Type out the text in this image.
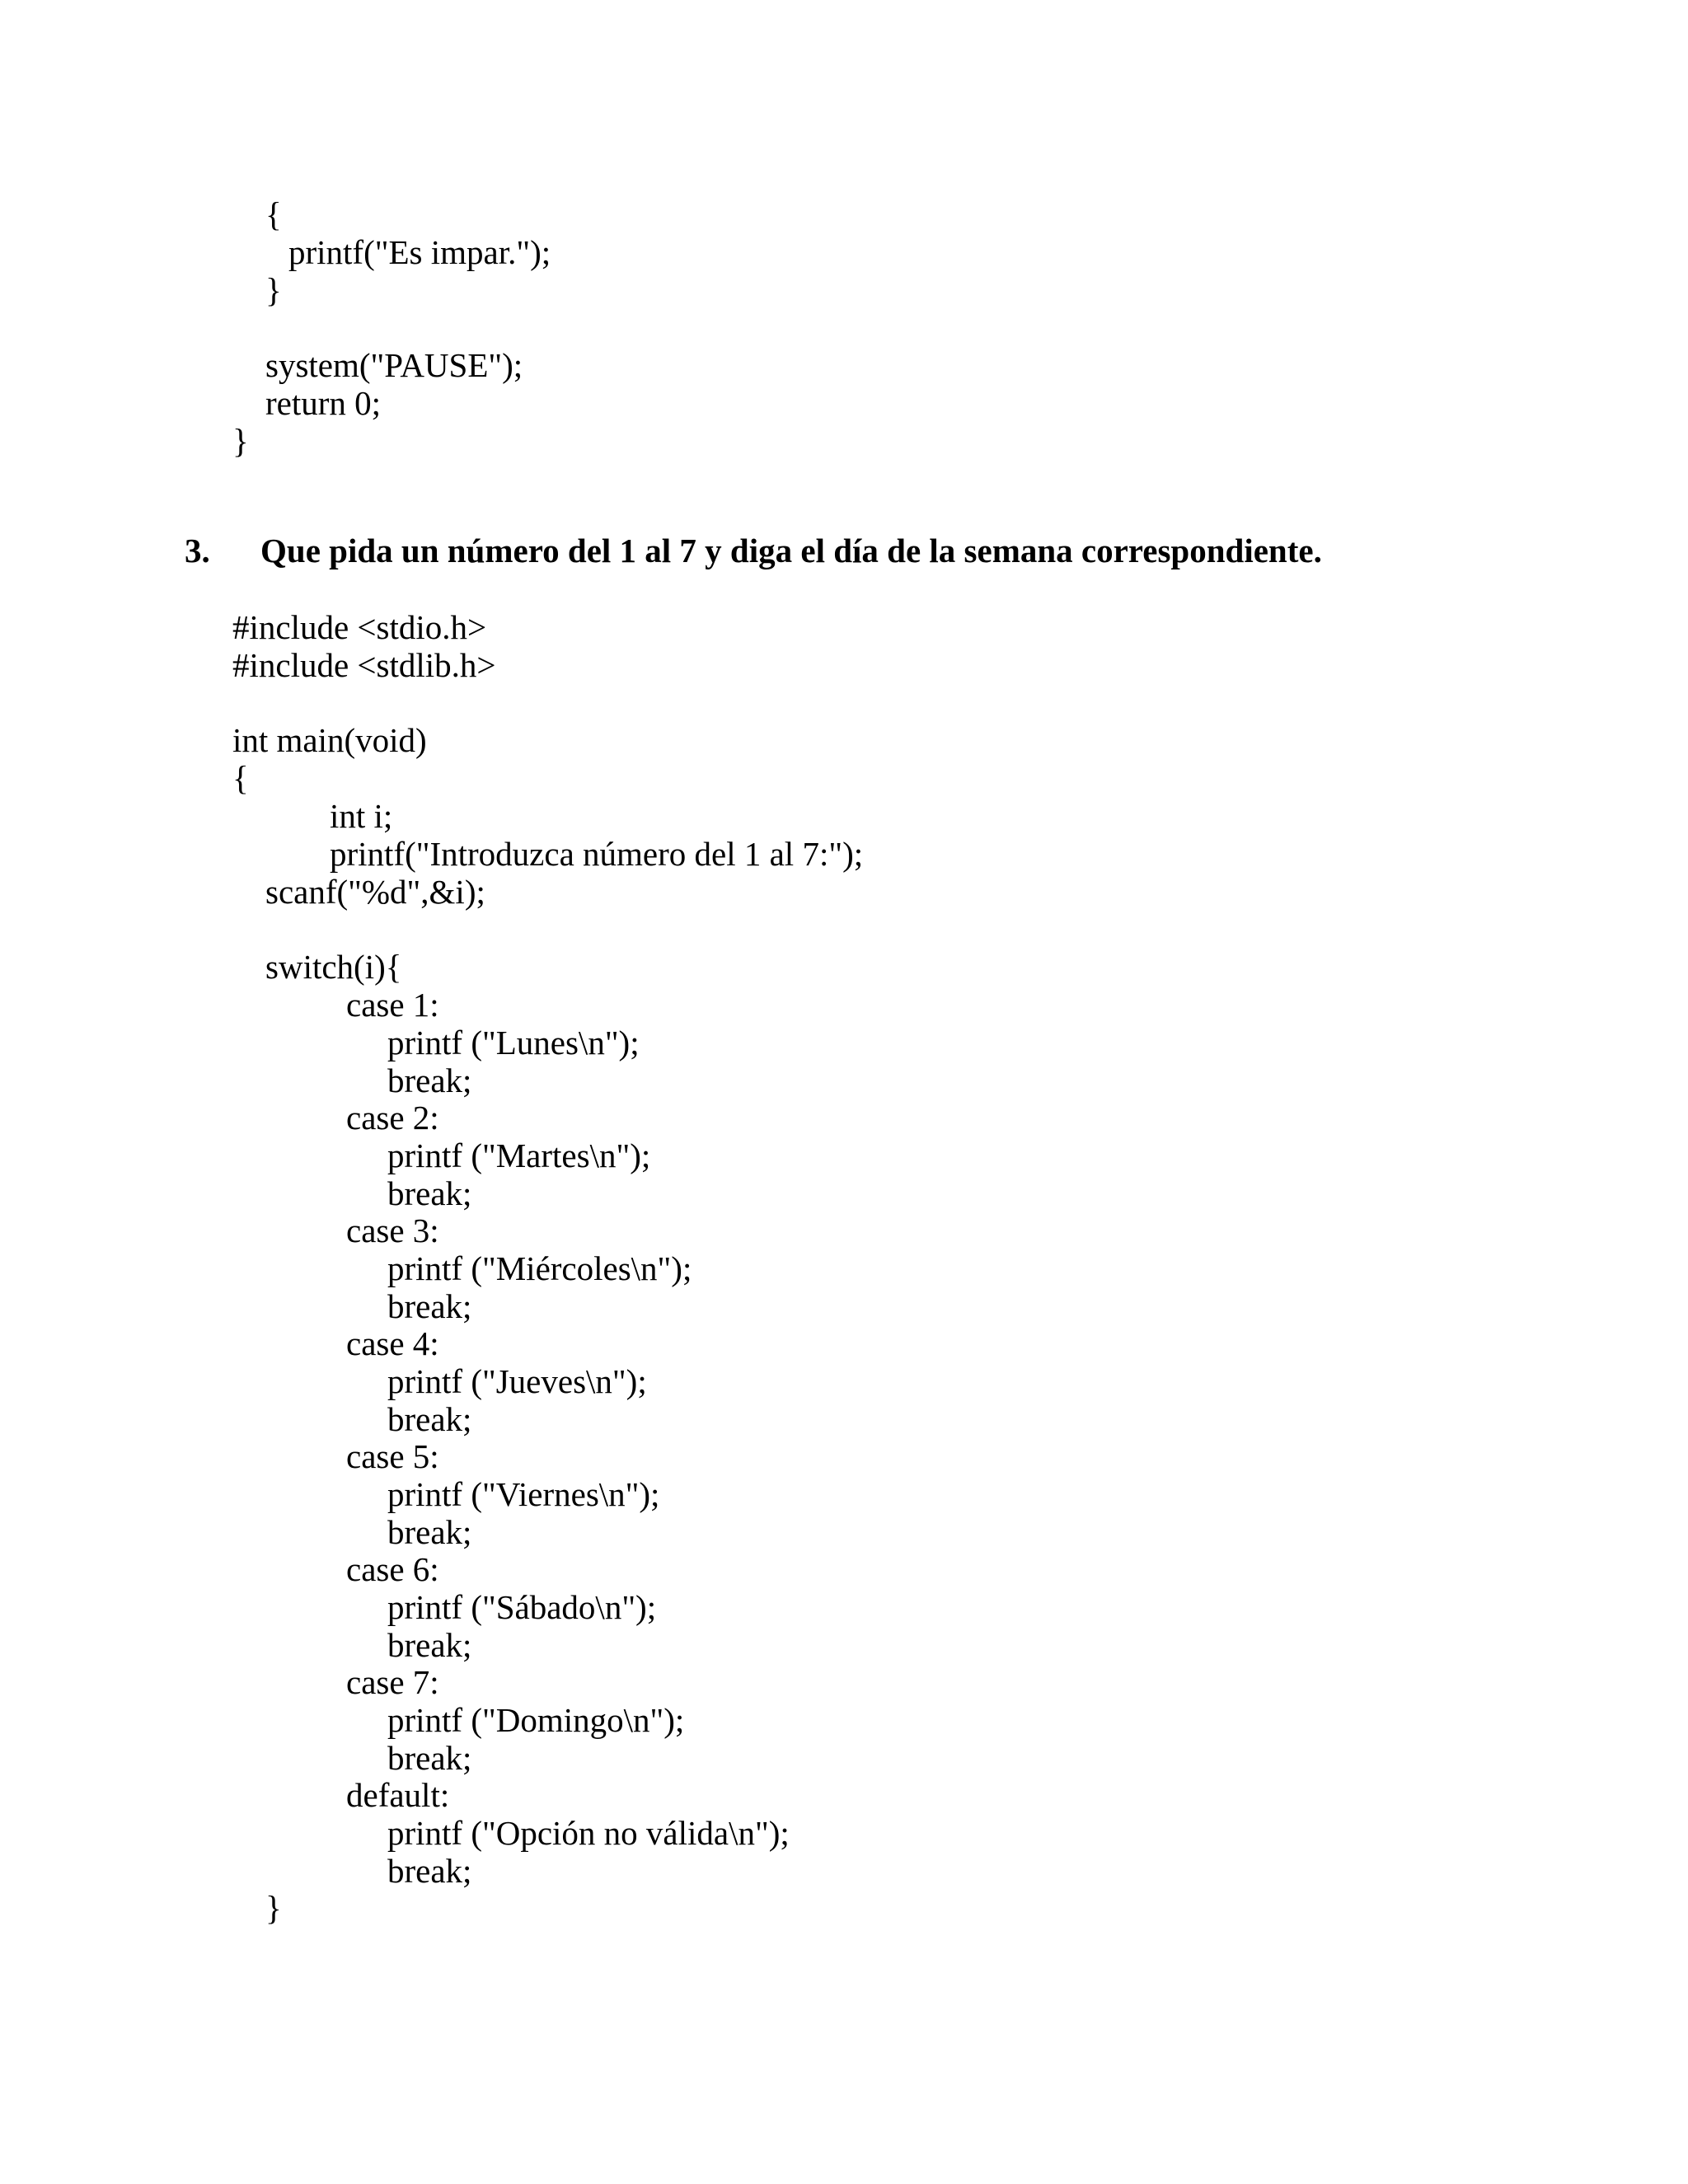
{
printf("Es impar.");
}
system("PAUSE");
return 0;
}
3. Que pida un número del 1 al 7 y diga el día de la semana correspondiente.
#include <stdio.h>
#include <stdlib.h>
int main(void)
{
int i;
printf("Introduzca número del 1 al 7:");
scanf("%d",&i);
switch(i){
case 1:
printf ("Lunes\n");
break;
case 2:
printf ("Martes\n");
break;
case 3:
printf ("Miércoles\n");
break;
case 4:
printf ("Jueves\n");
break;
case 5:
printf ("Viernes\n");
break;
case 6:
printf ("Sábado\n");
break;
case 7:
printf ("Domingo\n");
break;
default:
printf ("Opción no válida\n");
break;
}
